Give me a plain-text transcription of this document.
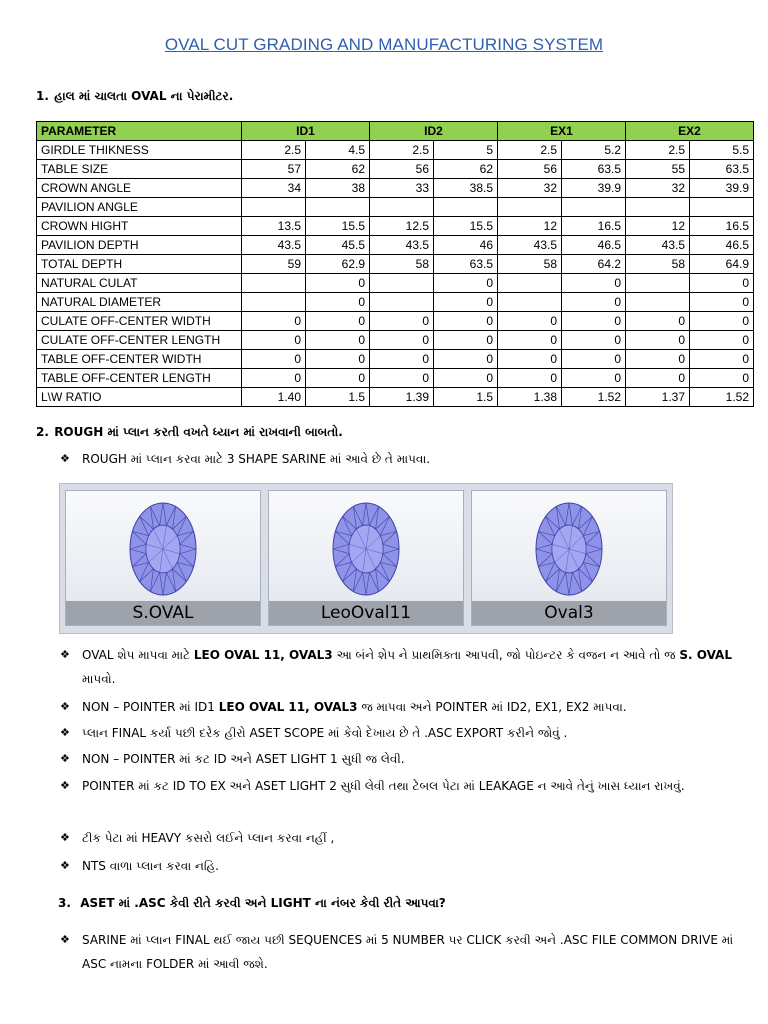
OVAL CUT GRADING AND MANUFACTURING SYSTEM
1. હાલ માં ચાલતા OVAL ના પેરામીટર.
PARAMETER	ID1		ID2		EX1		EX2	
GIRDLE THIKNESS	2.5	4.5	2.5	5	2.5	5.2	2.5	5.5
TABLE SIZE	57	62	56	62	56	63.5	55	63.5
CROWN ANGLE	34	38	33	38.5	32	39.9	32	39.9
PAVILION ANGLE								
CROWN HIGHT	13.5	15.5	12.5	15.5	12	16.5	12	16.5
PAVILION DEPTH	43.5	45.5	43.5	46	43.5	46.5	43.5	46.5
TOTAL DEPTH	59	62.9	58	63.5	58	64.2	58	64.9
NATURAL CULAT		0		0		0		0
NATURAL DIAMETER		0		0		0		0
CULATE OFF-CENTER WIDTH	0	0	0	0	0	0	0	0
CULATE OFF-CENTER LENGTH	0	0	0	0	0	0	0	0
TABLE OFF-CENTER WIDTH	0	0	0	0	0	0	0	0
TABLE OFF-CENTER LENGTH	0	0	0	0	0	0	0	0
L\W RATIO	1.40	1.5	1.39	1.5	1.38	1.52	1.37	1.52
2. ROUGH માં પ્લાન કરતી વખતે ધ્યાન માં રાખવાની બાબતો.
❖ ROUGH માં પ્લાન કરવા માટે 3 SHAPE SARINE માં આવે છે તે માપવા.
S.OVAL	LeoOval11	Oval3
❖ OVAL શેપ માપવા માટે LEO OVAL 11, OVAL3 આ બંને શેપ ને પ્રાથમિક્તા આપવી, જો પોઇન્ટર કે વજન ન આવે તો જ S. OVAL માપવો.
❖ NON – POINTER માં ID1 LEO OVAL 11, OVAL3 જ માપવા અને POINTER માં ID2, EX1, EX2 માપવા.
❖ પ્લાન FINAL કર્યા પછી દરેક હીરો ASET SCOPE માં કેવો દેખાય છે તે .ASC EXPORT કરીને જોવું .
❖ NON – POINTER માં કટ ID અને ASET LIGHT 1 સુધી જ લેવી.
❖ POINTER માં કટ ID TO EX અને ASET LIGHT 2 સુધી લેવી તથા ટેબલ પેટા માં LEAKAGE ન આવે તેનું ખાસ ધ્યાન રાખવું.
❖ ટીક પેટા માં HEAVY કસરો લઈને પ્લાન કરવા નહીં ,
❖ NTS વાળા પ્લાન કરવા નહિ.
3. ASET માં .ASC કેવી રીતે કરવી અને LIGHT ના નંબર કેવી રીતે આપવા?
❖ SARINE માં પ્લાન FINAL થઈ જાય પછી SEQUENCES માં 5 NUMBER પર CLICK કરવી અને .ASC FILE COMMON DRIVE માં ASC નામના FOLDER માં આવી જશે.
